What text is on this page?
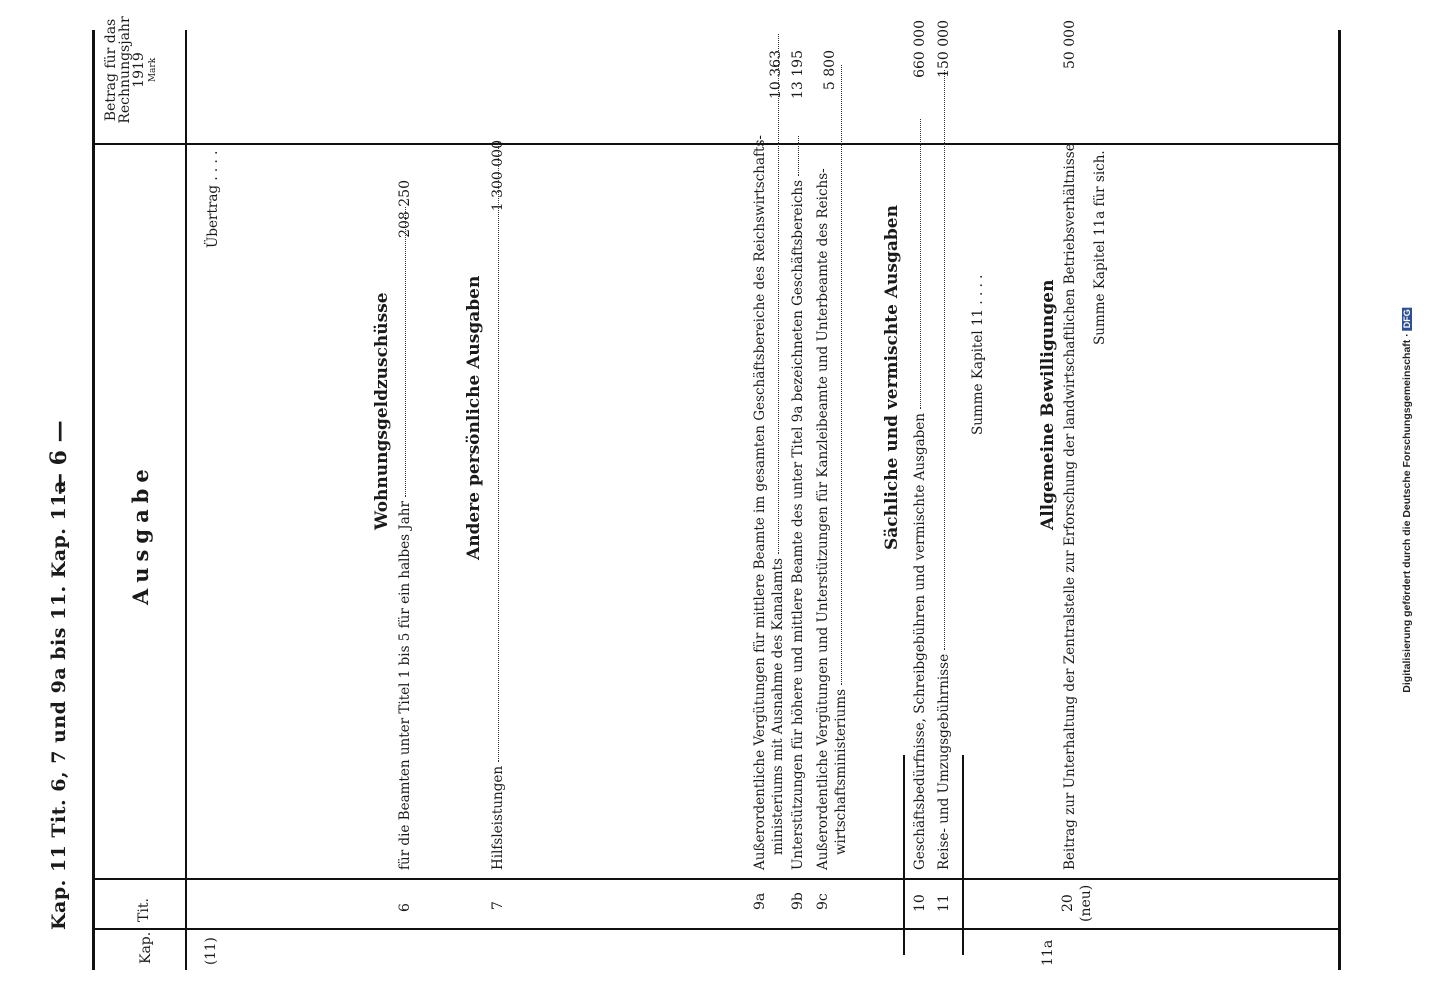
Kap. 11 Tit. 6, 7 und 9a bis 11. Kap. 11a
— 6 —
Kap.
Tit.
Ausgabe
Betrag für das
Rechnungsjahr
1919 Mark
(11)
Übertrag . . . .
Wohnungsgeldzuschüsse
6
für die Beamten unter Titel 1 bis 5 für ein halbes Jahr
208 250
Andere persönliche Ausgaben
7
Hilfsleistungen
1 300 000
9a
Außerordentliche Vergütungen für mittlere Beamte im gesamten Geschäftsbereiche des Reichswirtschafts- ministeriums mit Ausnahme des Kanalamts
10 363
9b
Unterstützungen für höhere und mittlere Beamte des unter Titel 9a bezeichneten Geschäftsbereichs
13 195
9c
Außerordentliche Vergütungen und Unterstützungen für Kanzleibeamte und Unterbeamte des Reichs- wirtschaftsministeriums
5 800
Sächliche und vermischte Ausgaben
10
Geschäftsbedürfnisse, Schreibgebühren und vermischte Ausgaben
660 000
11
Reise- und Umzugsgebührnisse
150 000
Summe Kapitel 11 . . . .	Allgemeine Bewilligungen
11a
20 (neu)
Beitrag zur Unterhaltung der Zentralstelle zur Erforschung der landwirtschaftlichen Betriebsverhältnisse
50 000
Summe Kapitel 11a für sich.
Digitalisierung gefördert durch die Deutsche Forschungsgemeinschaft ·DFG
